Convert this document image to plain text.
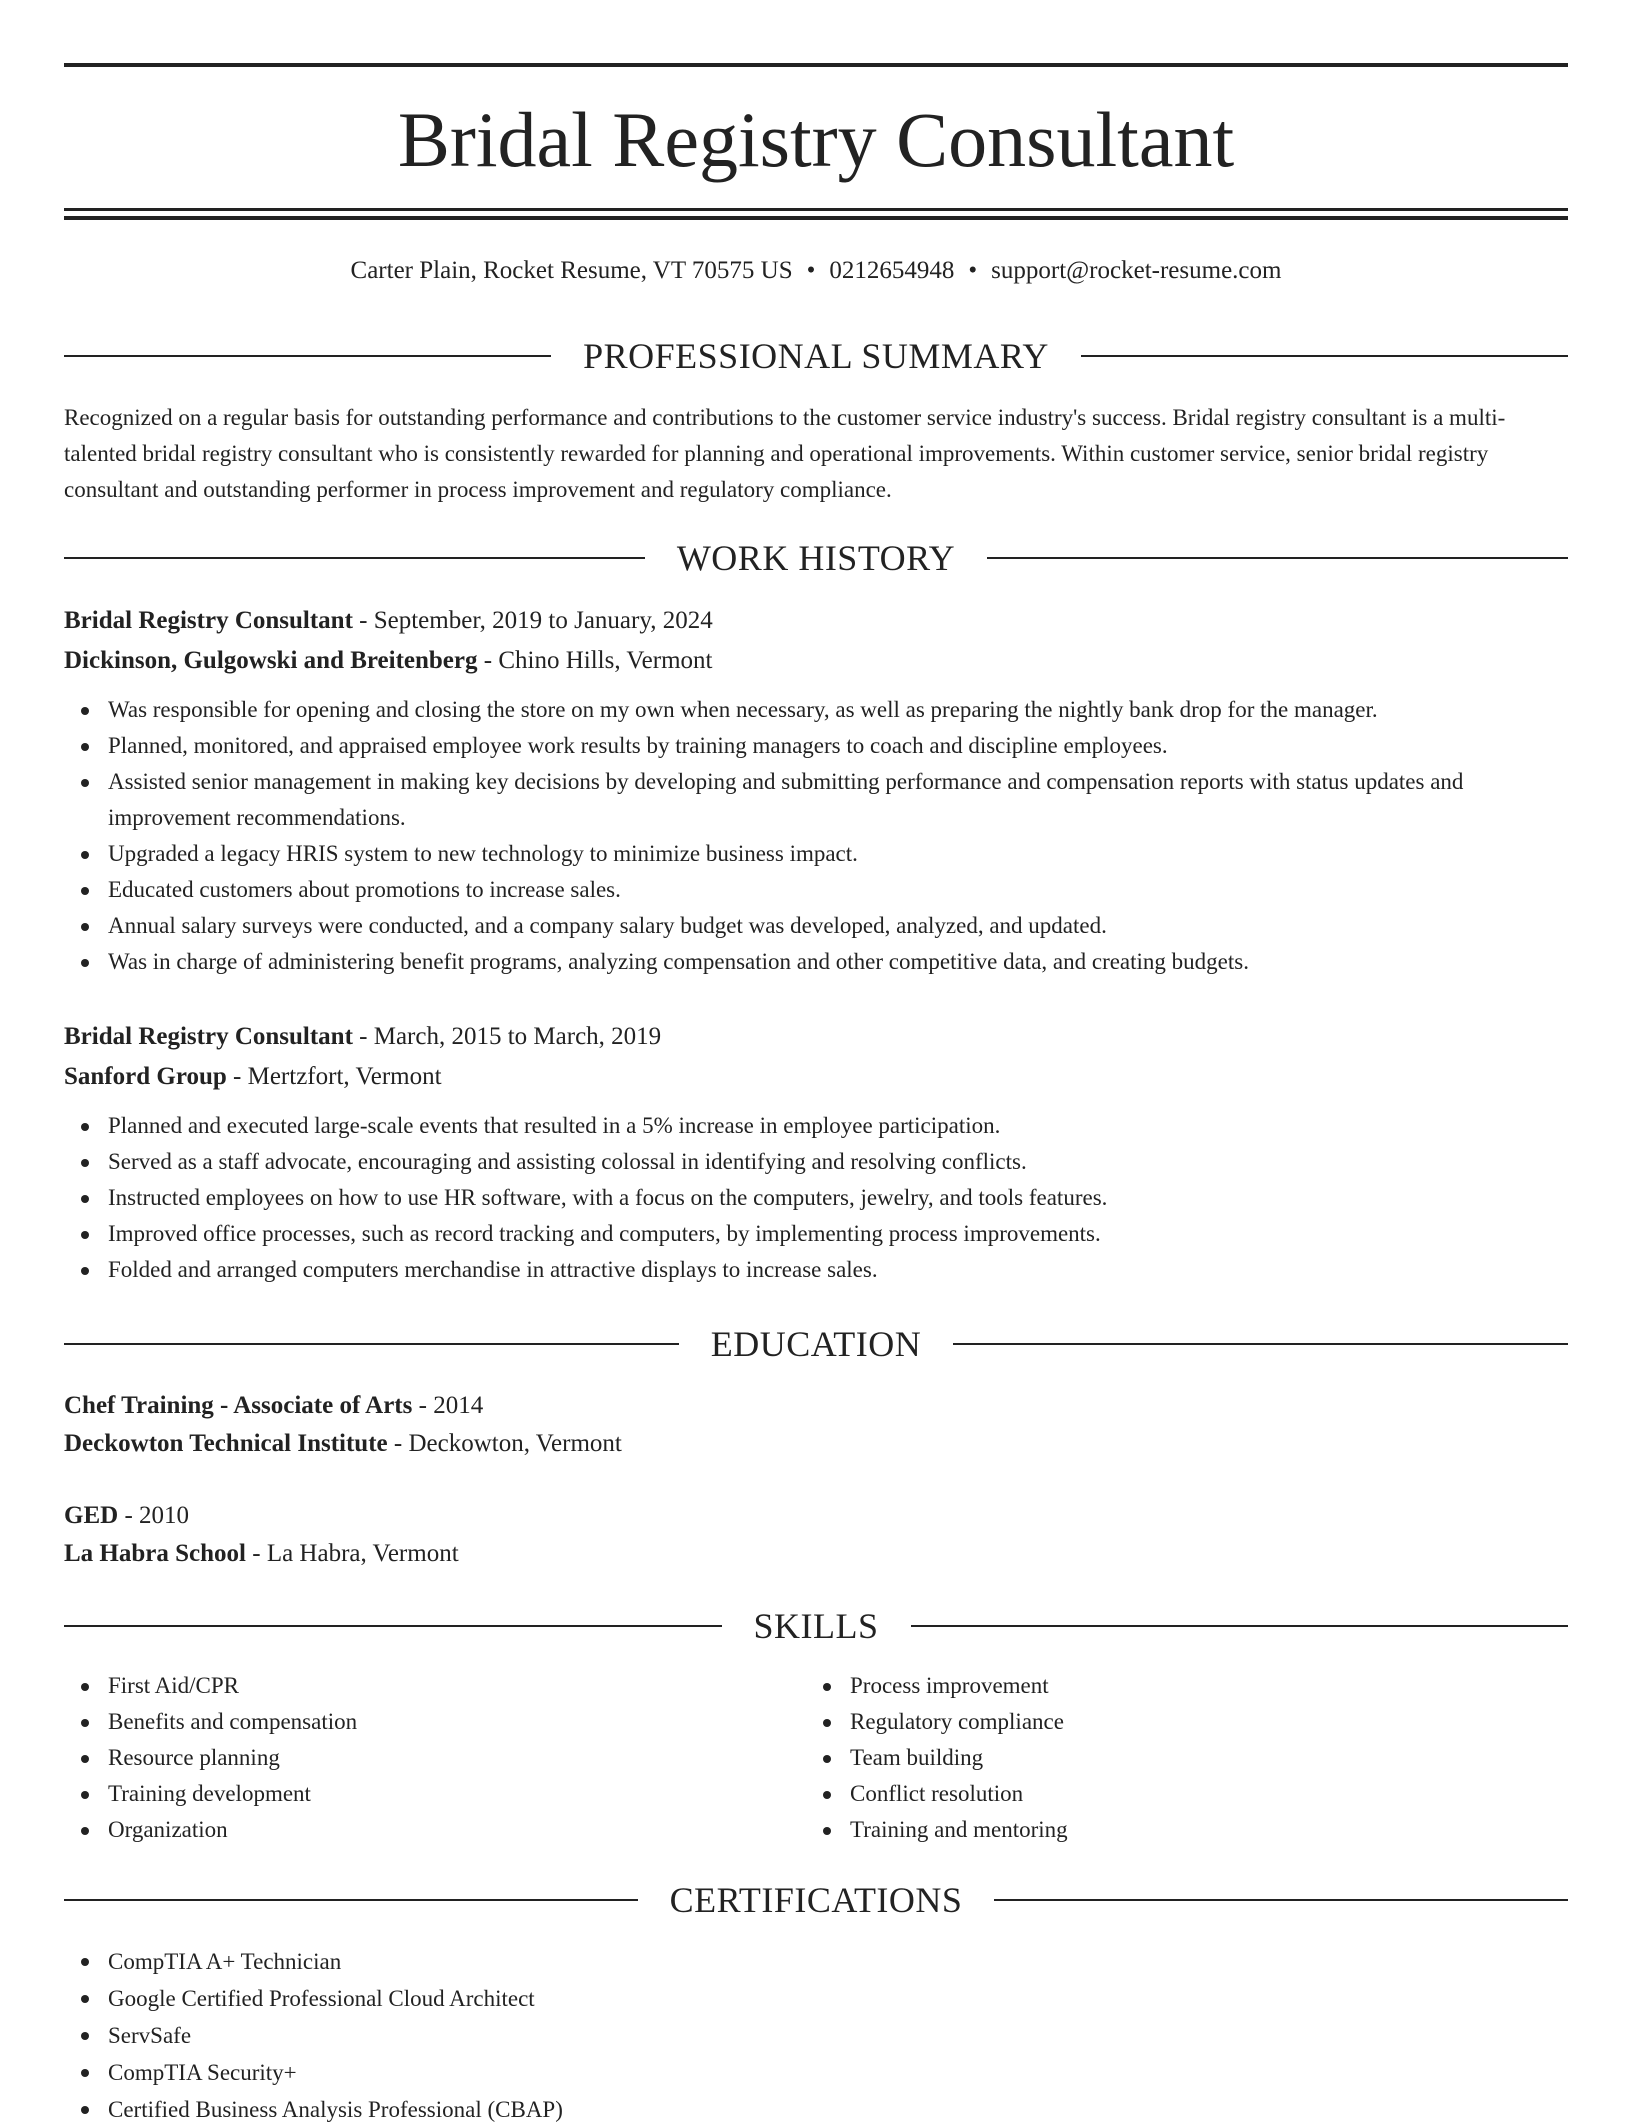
Bridal Registry Consultant
Carter Plain, Rocket Resume, VT 70575 US • 0212654948 • support@rocket-resume.com
PROFESSIONAL SUMMARY

Recognized on a regular basis for outstanding performance and contributions to the customer service industry's success. Bridal registry consultant is a multi-talented bridal registry consultant who is consistently rewarded for planning and operational improvements. Within customer service, senior bridal registry consultant and outstanding performer in process improvement and regulatory compliance.

WORK HISTORY
Bridal Registry Consultant - September, 2019 to January, 2024
Dickinson, Gulgowski and Breitenberg - Chino Hills, Vermont
Was responsible for opening and closing the store on my own when necessary, as well as preparing the nightly bank drop for the manager.
Planned, monitored, and appraised employee work results by training managers to coach and discipline employees.
Assisted senior management in making key decisions by developing and submitting performance and compensation reports with status updates and improvement recommendations.
Upgraded a legacy HRIS system to new technology to minimize business impact.
Educated customers about promotions to increase sales.
Annual salary surveys were conducted, and a company salary budget was developed, analyzed, and updated.
Was in charge of administering benefit programs, analyzing compensation and other competitive data, and creating budgets.
Bridal Registry Consultant - March, 2015 to March, 2019
Sanford Group - Mertzfort, Vermont
Planned and executed large-scale events that resulted in a 5% increase in employee participation.
Served as a staff advocate, encouraging and assisting colossal in identifying and resolving conflicts.
Instructed employees on how to use HR software, with a focus on the computers, jewelry, and tools features.
Improved office processes, such as record tracking and computers, by implementing process improvements.
Folded and arranged computers merchandise in attractive displays to increase sales.
EDUCATION
Chef Training - Associate of Arts - 2014
Deckowton Technical Institute - Deckowton, Vermont
GED - 2010
La Habra School - La Habra, Vermont
SKILLS
First Aid/CPR
Benefits and compensation
Resource planning
Training development
Organization
Process improvement
Regulatory compliance
Team building
Conflict resolution
Training and mentoring
CERTIFICATIONS
CompTIA A+ Technician
Google Certified Professional Cloud Architect
ServSafe
CompTIA Security+
Certified Business Analysis Professional (CBAP)
